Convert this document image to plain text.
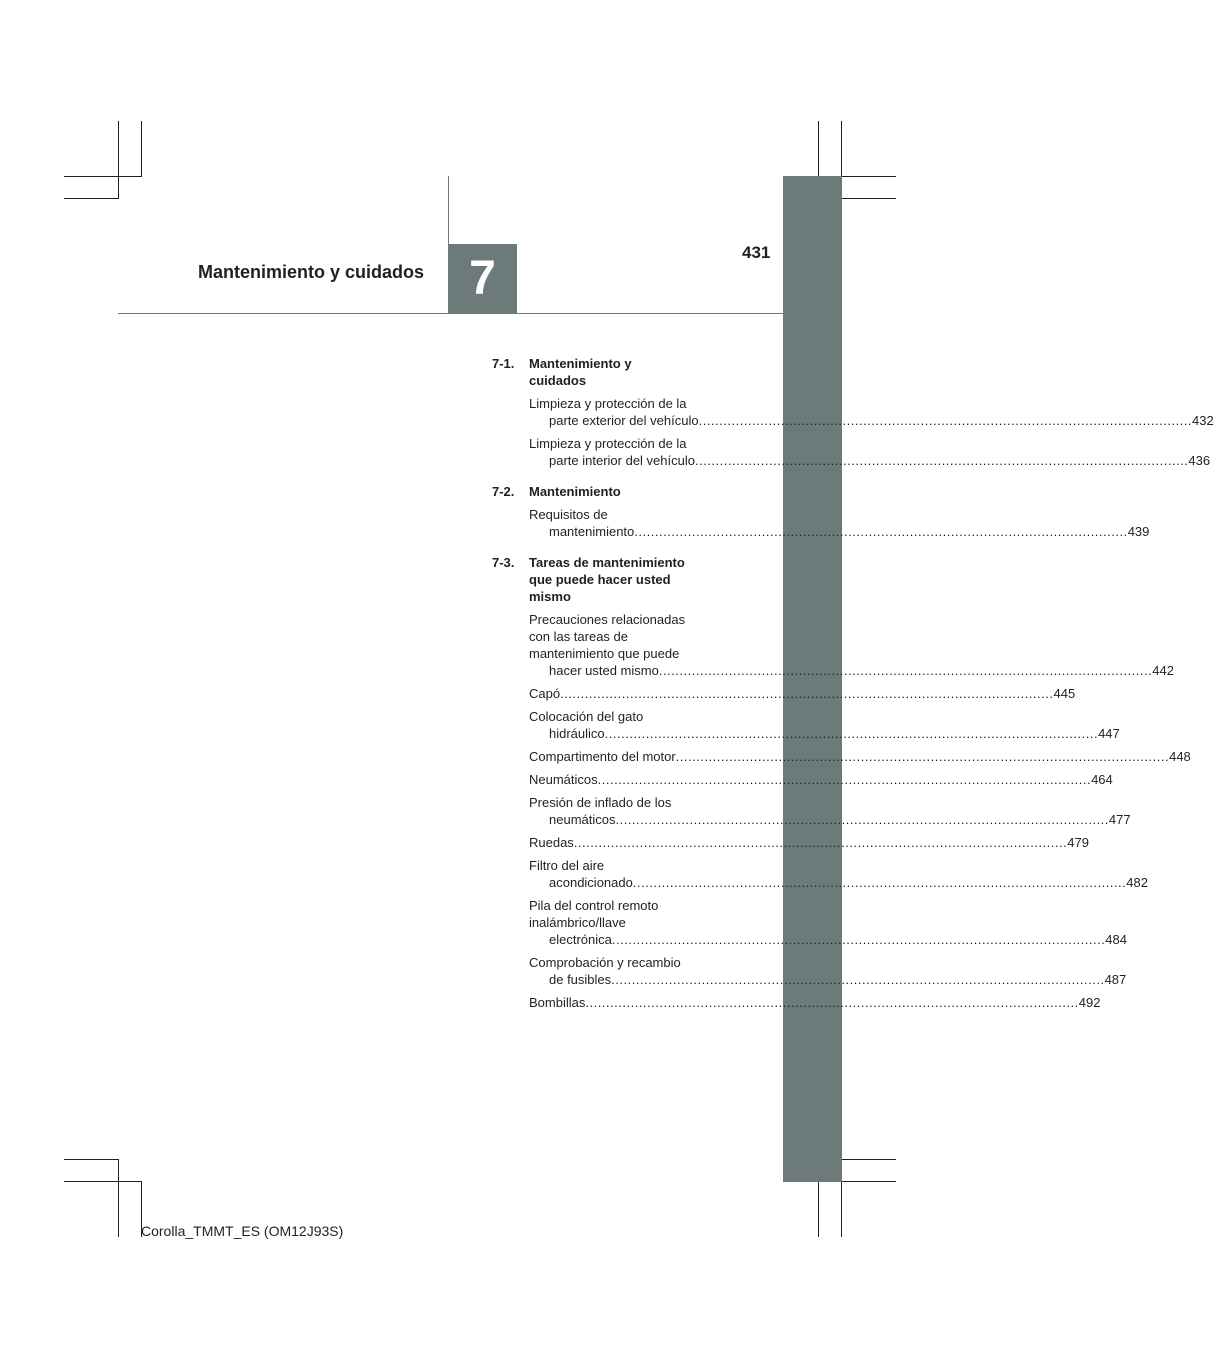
431
Mantenimiento y cuidados 7
7-1. Mantenimiento y
cuidados
Limpieza y protección de la
parte exterior del vehículo ........................................................................................................................ 432
Limpieza y protección de la
parte interior del vehículo ........................................................................................................................ 436
7-2. Mantenimiento
Requisitos de
mantenimiento ........................................................................................................................ 439
7-3. Tareas de mantenimiento
que puede hacer usted
mismo
Precauciones relacionadas
con las tareas de
mantenimiento que puede
hacer usted mismo ........................................................................................................................ 442
Capó ........................................................................................................................ 445
Colocación del gato
hidráulico ........................................................................................................................ 447
Compartimento del motor ........................................................................................................................ 448
Neumáticos ........................................................................................................................ 464
Presión de inflado de los
neumáticos ........................................................................................................................ 477
Ruedas ........................................................................................................................ 479
Filtro del aire
acondicionado ........................................................................................................................ 482
Pila del control remoto
inalámbrico/llave
electrónica ........................................................................................................................ 484
Comprobación y recambio
de fusibles ........................................................................................................................ 487
Bombillas ........................................................................................................................ 492
Corolla_TMMT_ES (OM12J93S)
